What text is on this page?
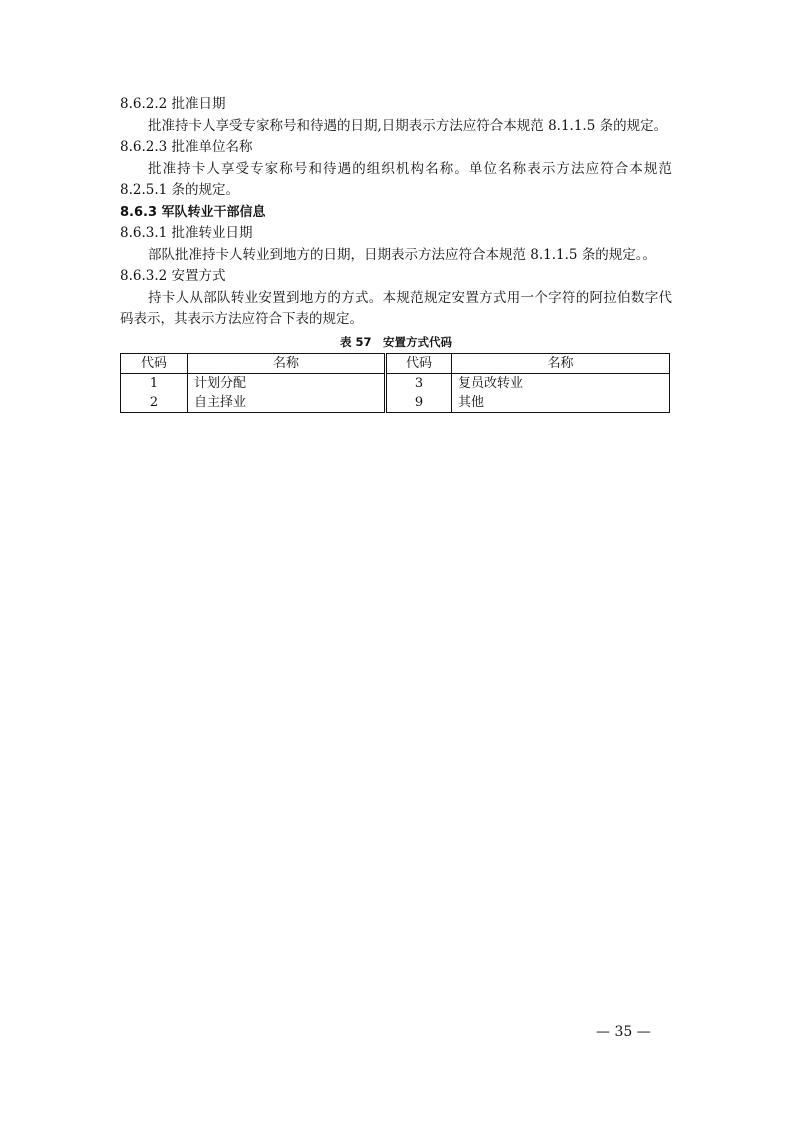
8.6.2.2 批准日期

批准持卡人享受专家称号和待遇的日期,日期表示方法应符合本规范 8.1.1.5 条的规定。

8.6.2.3 批准单位名称

批准持卡人享受专家称号和待遇的组织机构名称。单位名称表示方法应符合本规范 8.2.5.1 条的规定。

8.6.3 军队转业干部信息

8.6.3.1 批准转业日期

部队批准持卡人转业到地方的日期，日期表示方法应符合本规范 8.1.1.5 条的规定。。

8.6.3.2 安置方式

持卡人从部队转业安置到地方的方式。本规范规定安置方式用一个字符的阿拉伯数字代码表示，其表示方法应符合下表的规定。

表 57　安置方式代码
代码	名称	代码	名称
1	计划分配	3	复员改转业
2	自主择业	9	其他
— 35 —
